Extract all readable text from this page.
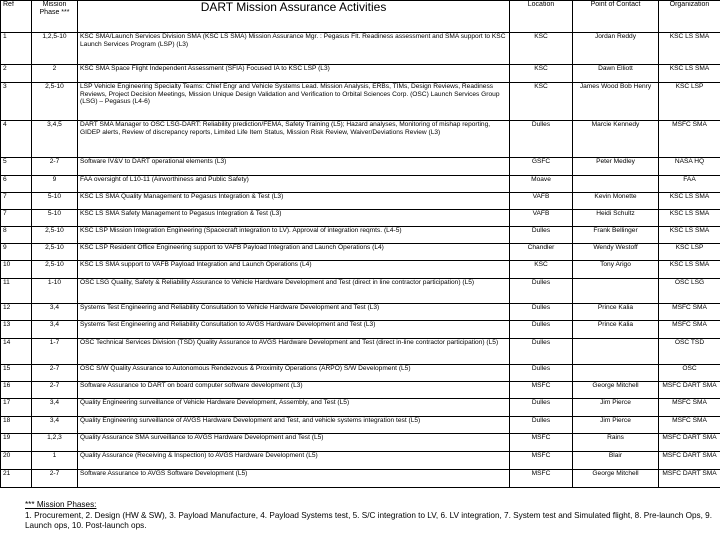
Ref	Mission Phase ***	DART Mission Assurance Activities	Location	Point of Contact	Organization
1	1,2,5-10	KSC SMA/Launch Services Division SMA (KSC LS SMA) Mission Assurance Mgr. : Pegasus Flt. Readiness assessment and SMA support to KSC Launch Services Program (LSP) (L3)	KSC	Jordan Reddy	KSC LS SMA
2	2	KSC SMA Space Flight Independent Assessment (SFIA) Focused IA to KSC LSP (L3)	KSC	Dawn Elliott	KSC LS SMA
3	2,5-10	LSP Vehicle Engineering Specialty Teams: Chief Engr and Vehicle Systems Lead. Mission Analysis, ERBs, TIMs, Design Reviews, Readiness Reviews, Project Decision Meetings, Mission Unique Design Validation and Verification to Orbital Sciences Corp. (OSC) Launch Services Group (LSG) – Pegasus (L4-6)	KSC	James Wood Bob Henry	KSC LSP
4	3,4,5	DART SMA Manager to OSC LSG-DART: Reliability prediction/FEMA, Safety Training (L5); Hazard analyses, Monitoring of mishap reporting, GIDEP alerts, Review of discrepancy reports, Limited Life Item Status, Mission Risk Review, Waiver/Deviations Review (L3)	Dulles	Marcie Kennedy	MSFC SMA
5	2-7	Software IV&V to DART operational elements (L3)	GSFC	Peter Medley	NASA HQ
6	9	FAA oversight of L10-11 (Airworthiness and Public Safety)	Moave		FAA
7	5-10	KSC LS SMA Quality Management to Pegasus Integration & Test (L3)	VAFB	Kevin Monette	KSC LS SMA
7	5-10	KSC LS SMA Safety Management to Pegasus Integration & Test (L3)	VAFB	Heidi Schultz	KSC LS SMA
8	2,5-10	KSC LSP Mission Integration Engineering (Spacecraft integration to LV). Approval of integration reqmts. (L4-5)	Dulles	Frank Bellinger	KSC LS SMA
9	2,5-10	KSC LSP Resident Office Engineering support to VAFB Payload Integration and Launch Operations (L4)	Chandler	Wendy Westoff	KSC LSP
10	2,5-10	KSC LS SMA support to VAFB Payload Integration and Launch Operations (L4)	KSC	Tony Arigo	KSC LS SMA
11	1-10	OSC LSG Quality, Safety & Reliability Assurance to Vehicle Hardware Development and Test (direct in line contractor participation) (L5)	Dulles		OSC LSG
12	3,4	Systems Test Engineering and Reliability Consultation to Vehicle Hardware Development and Test (L3)	Dulles	Prince Kalia	MSFC SMA
13	3,4	Systems Test Engineering and Reliability Consultation to AVGS Hardware Development and Test (L3)	Dulles	Prince Kalia	MSFC SMA
14	1-7	OSC Technical Services Division (TSD) Quality Assurance to AVGS Hardware Development and Test (direct in-line contractor participation) (L5)	Dulles		OSC TSD
15	2-7	OSC S/W Quality Assurance to Autonomous Rendezvous & Proximity Operations (ARPO) S/W Development (L5)	Dulles		OSC
16	2-7	Software Assurance to DART on board computer software development (L3)	MSFC	George Mitchell	MSFC DART SMA
17	3,4	Quality Engineering surveillance of Vehicle Hardware Development, Assembly, and Test (L5)	Dulles	Jim Pierce	MSFC SMA
18	3,4	Quality Engineering surveillance of AVGS Hardware Development and Test, and vehicle systems integration test (L5)	Dulles	Jim Pierce	MSFC SMA
19	1,2,3	Quality Assurance SMA surveillance to AVGS Hardware Development and Test (L5)	MSFC	Rains	MSFC DART SMA
20	1	Quality Assurance (Receiving & Inspection) to AVGS Hardware Development (L5)	MSFC	Blair	MSFC DART SMA
21	2-7	Software Assurance to AVGS Software Development (L5)	MSFC	George Mitchell	MSFC DART SMA
*** Mission Phases:
1. Procurement, 2. Design (HW & SW), 3. Payload Manufacture, 4. Payload Systems test, 5. S/C integration to LV, 6. LV integration, 7. System test and Simulated flight, 8. Pre-launch Ops, 9. Launch ops, 10. Post-launch ops.
